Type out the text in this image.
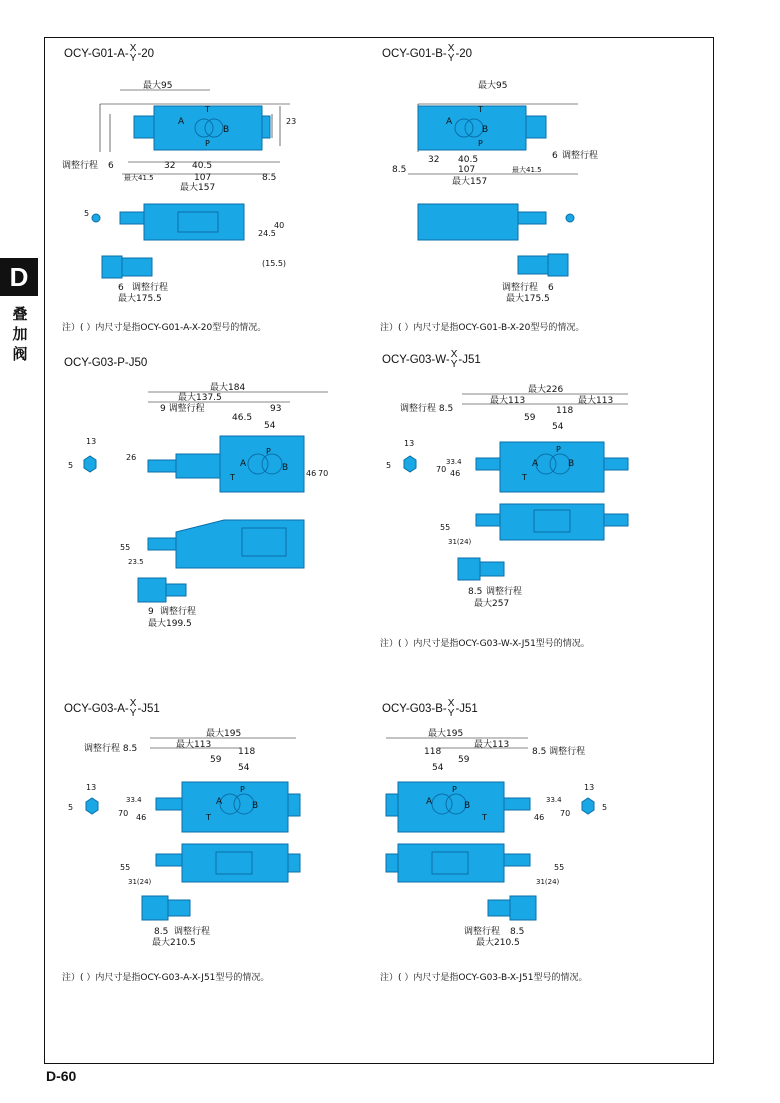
D
叠加阀
D-60
OCY-G01-A-X
Y-20
A
B
T
P
最大95
调整行程 6	32 40.5
107
最大157
8.5
最大41.5
23
5
24.5
40
(15.5)
6 调整行程
最大175.5
注）( ）内尺寸是指OCY-G01-A-X-20型号的情况。
OCY-G01-B-X
Y-20
A
B
T
P
最大95
6 调整行程
32 40.5
107
最大157
8.5	最大41.5
调整行程 6
最大175.5
注）( ）内尺寸是指OCY-G01-B-X-20型号的情况。
OCY-G03-P-J50
最大184
最大137.5
9 调整行程	93
46.5
54
A	B
P
T
26
46 70
13
5
55
23.5
9 调整行程
最大199.5
OCY-G03-W-X
Y-J51
最大226
最大113	最大113
调整行程 8.5	118
59
54
A	B
P
T
70
33.4
46
13
5
55
31(24)
8.5 调整行程
最大257
注）( ）内尺寸是指OCY-G03-W-X-J51型号的情况。
OCY-G03-A-X
Y-J51
最大195
最大113
调整行程 8.5	118
59
54
A	B
P
T
70
33.4
46
13
5
55
31(24)
8.5 调整行程
最大210.5
注）( ）内尺寸是指OCY-G03-A-X-J51型号的情况。
OCY-G03-B-X
Y-J51
最大195
最大113
8.5 调整行程
118
59
54
A	B
P
T	70
33.4
46
13
5
55
31(24)
调整行程 8.5
最大210.5
注）( ）内尺寸是指OCY-G03-B-X-J51型号的情况。
